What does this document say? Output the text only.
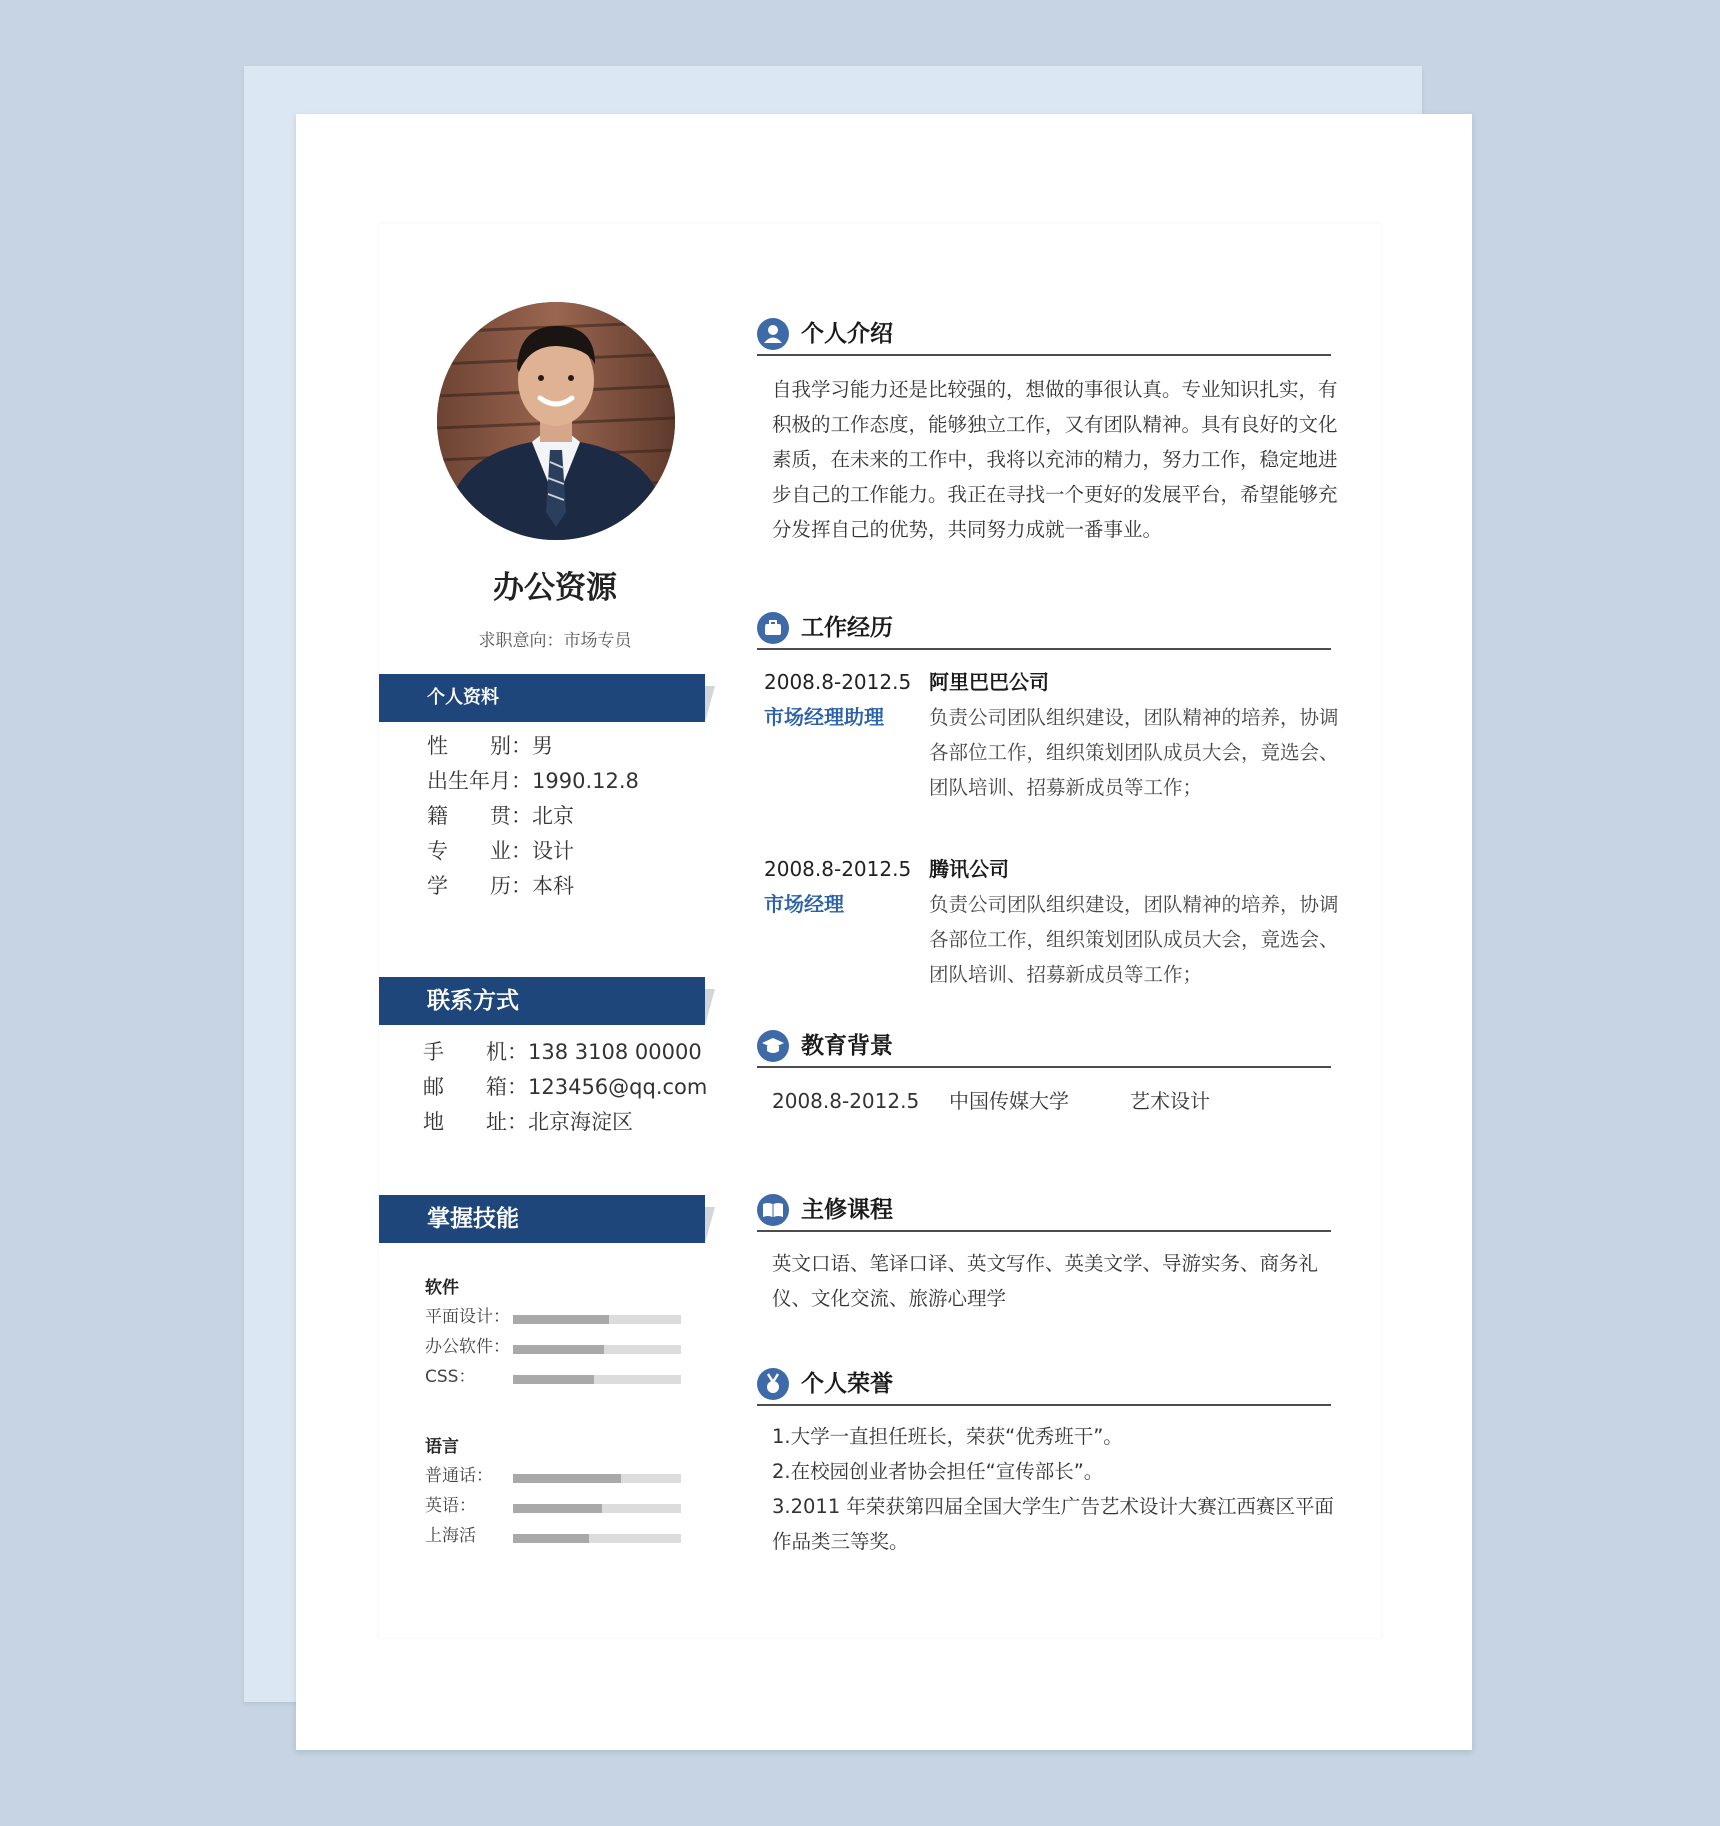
办公资源
求职意向：市场专员
个人资料
性　　别：男
出生年月：1990.12.8
籍　　贯：北京
专　　业：设计
学　　历：本科
联系方式
手　　机：138 3108 00000
邮　　箱：123456@qq.com
地　　址：北京海淀区
掌握技能
软件
平面设计：
办公软件：
CSS：
语言
普通话：
英语：
上海活
个人介绍
自我学习能力还是比较强的，想做的事很认真。专业知识扎实，有积极的工作态度，能够独立工作，又有团队精神。具有良好的文化素质，在未来的工作中，我将以充沛的精力，努力工作，稳定地进步自己的工作能力。我正在寻找一个更好的发展平台，希望能够充分发挥自己的优势，共同努力成就一番事业。
工作经历
2008.8-2012.5 阿里巴巴公司
市场经理助理 负责公司团队组织建设，团队精神的培养，协调各部位工作，组织策划团队成员大会，竟选会、团队培训、招募新成员等工作；
2008.8-2012.5 腾讯公司
市场经理	负责公司团队组织建设，团队精神的培养，协调各部位工作，组织策划团队成员大会，竟选会、团队培训、招募新成员等工作；
教育背景
2008.8-2012.5 中国传媒大学	艺术设计
主修课程
英文口语、笔译口译、英文写作、英美文学、导游实务、商务礼仪、文化交流、旅游心理学
个人荣誉
1.大学一直担任班长，荣获“优秀班干”。
2.在校园创业者协会担任“宣传部长”。
3.2011 年荣获第四届全国大学生广告艺术设计大赛江西赛区平面作品类三等奖。
